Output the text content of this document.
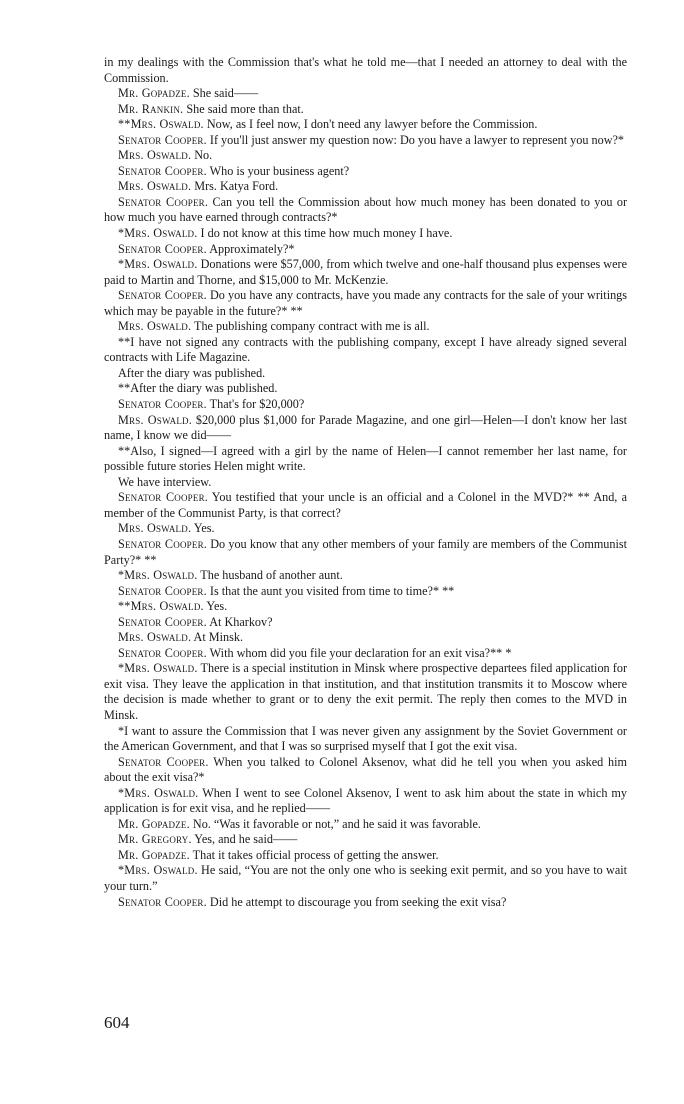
in my dealings with the Commission that's what he told me—that I needed an attorney to deal with the Commission.

Mr. Gopadze. She said——

Mr. Rankin. She said more than that.

**Mrs. Oswald. Now, as I feel now, I don't need any lawyer before the Commission.

Senator Cooper. If you'll just answer my question now: Do you have a lawyer to represent you now?*

Mrs. Oswald. No.

Senator Cooper. Who is your business agent?

Mrs. Oswald. Mrs. Katya Ford.

Senator Cooper. Can you tell the Commission about how much money has been donated to you or how much you have earned through contracts?*

*Mrs. Oswald. I do not know at this time how much money I have.

Senator Cooper. Approximately?*

*Mrs. Oswald. Donations were $57,000, from which twelve and one-half thousand plus expenses were paid to Martin and Thorne, and $15,000 to Mr. McKenzie.

Senator Cooper. Do you have any contracts, have you made any contracts for the sale of your writings which may be payable in the future?* **

Mrs. Oswald. The publishing company contract with me is all.

**I have not signed any contracts with the publishing company, except I have already signed several contracts with Life Magazine.

After the diary was published.

**After the diary was published.

Senator Cooper. That's for $20,000?

Mrs. Oswald. $20,000 plus $1,000 for Parade Magazine, and one girl—Helen—I don't know her last name, I know we did——

**Also, I signed—I agreed with a girl by the name of Helen—I cannot remember her last name, for possible future stories Helen might write.

We have interview.

Senator Cooper. You testified that your uncle is an official and a Colonel in the MVD?* ** And, a member of the Communist Party, is that correct?

Mrs. Oswald. Yes.

Senator Cooper. Do you know that any other members of your family are members of the Communist Party?* **

*Mrs. Oswald. The husband of another aunt.

Senator Cooper. Is that the aunt you visited from time to time?* **

**Mrs. Oswald. Yes.

Senator Cooper. At Kharkov?

Mrs. Oswald. At Minsk.

Senator Cooper. With whom did you file your declaration for an exit visa?** *

*Mrs. Oswald. There is a special institution in Minsk where prospective departees filed application for exit visa. They leave the application in that institution, and that institution transmits it to Moscow where the decision is made whether to grant or to deny the exit permit. The reply then comes to the MVD in Minsk.

*I want to assure the Commission that I was never given any assignment by the Soviet Government or the American Government, and that I was so surprised myself that I got the exit visa.

Senator Cooper. When you talked to Colonel Aksenov, what did he tell you when you asked him about the exit visa?*

*Mrs. Oswald. When I went to see Colonel Aksenov, I went to ask him about the state in which my application is for exit visa, and he replied——

Mr. Gopadze. No. “Was it favorable or not,” and he said it was favorable.

Mr. Gregory. Yes, and he said——

Mr. Gopadze. That it takes official process of getting the answer.

*Mrs. Oswald. He said, “You are not the only one who is seeking exit permit, and so you have to wait your turn.”

Senator Cooper. Did he attempt to discourage you from seeking the exit visa?

604
